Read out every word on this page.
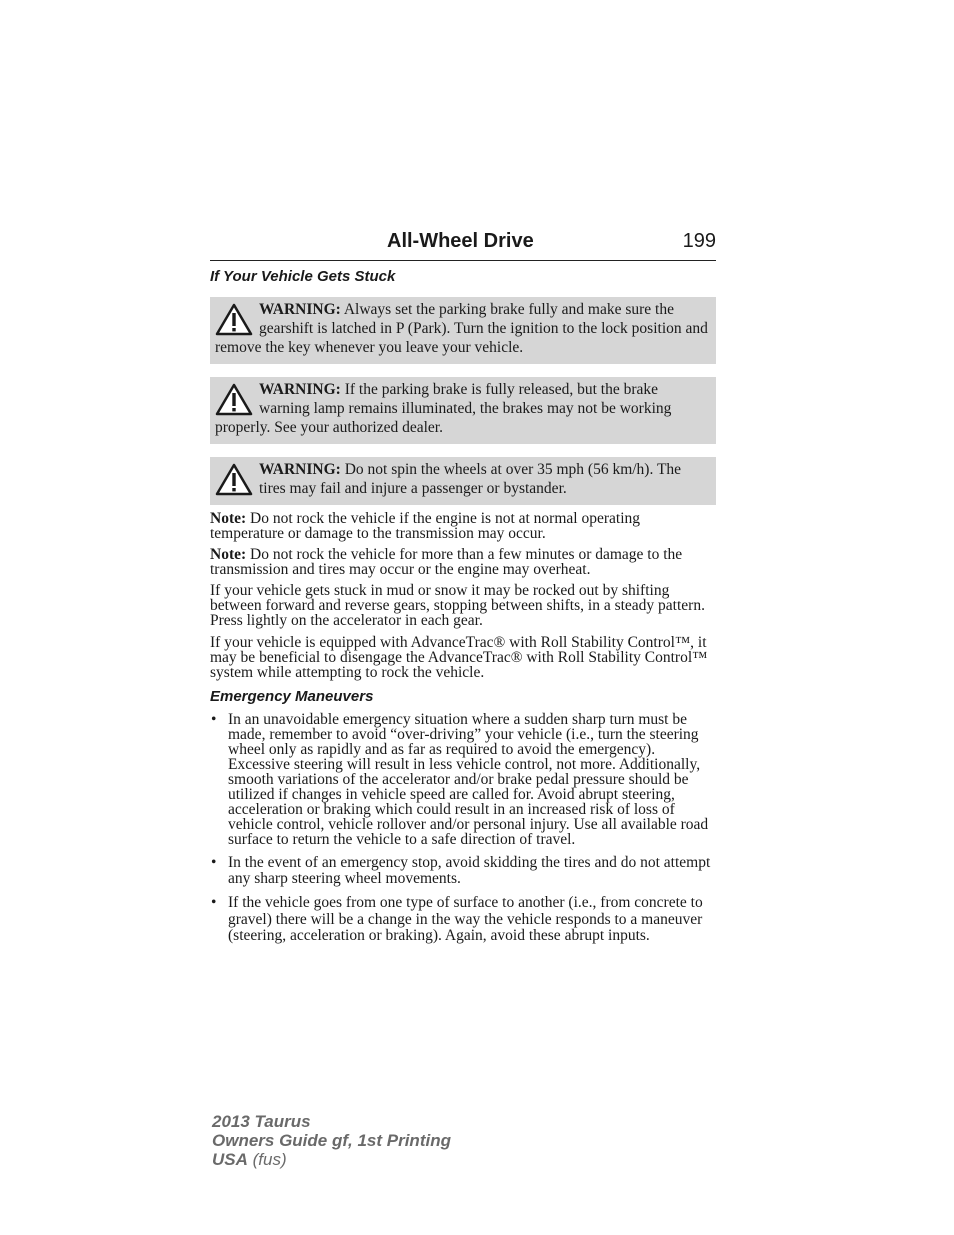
All-Wheel Drive	199
If Your Vehicle Gets Stuck
WARNING: Always set the parking brake fully and make sure the gearshift is latched in P (Park). Turn the ignition to the lock position and remove the key whenever you leave your vehicle.
WARNING: If the parking brake is fully released, but the brake warning lamp remains illuminated, the brakes may not be working properly. See your authorized dealer.
WARNING: Do not spin the wheels at over 35 mph (56 km/h). The tires may fail and injure a passenger or bystander.

Note: Do not rock the vehicle if the engine is not at normal operating temperature or damage to the transmission may occur.

Note: Do not rock the vehicle for more than a few minutes or damage to the transmission and tires may occur or the engine may overheat.

If your vehicle gets stuck in mud or snow it may be rocked out by shifting between forward and reverse gears, stopping between shifts, in a steady pattern. Press lightly on the accelerator in each gear.

If your vehicle is equipped with AdvanceTrac® with Roll Stability Control™, it may be beneficial to disengage the AdvanceTrac® with Roll Stability Control™ system while attempting to rock the vehicle.

Emergency Maneuvers
• In an unavoidable emergency situation where a sudden sharp turn must be made, remember to avoid “over-driving” your vehicle (i.e., turn the steering wheel only as rapidly and as far as required to avoid the emergency). Excessive steering will result in less vehicle control, not more. Additionally, smooth variations of the accelerator and/or brake pedal pressure should be utilized if changes in vehicle speed are called for. Avoid abrupt steering, acceleration or braking which could result in an increased risk of loss of vehicle control, vehicle rollover and/or personal injury. Use all available road surface to return the vehicle to a safe direction of travel.
• In the event of an emergency stop, avoid skidding the tires and do not attempt any sharp steering wheel movements.
• If the vehicle goes from one type of surface to another (i.e., from concrete to gravel) there will be a change in the way the vehicle responds to a maneuver (steering, acceleration or braking). Again, avoid these abrupt inputs.
2013 Taurus
Owners Guide gf, 1st Printing
USA (fus)
